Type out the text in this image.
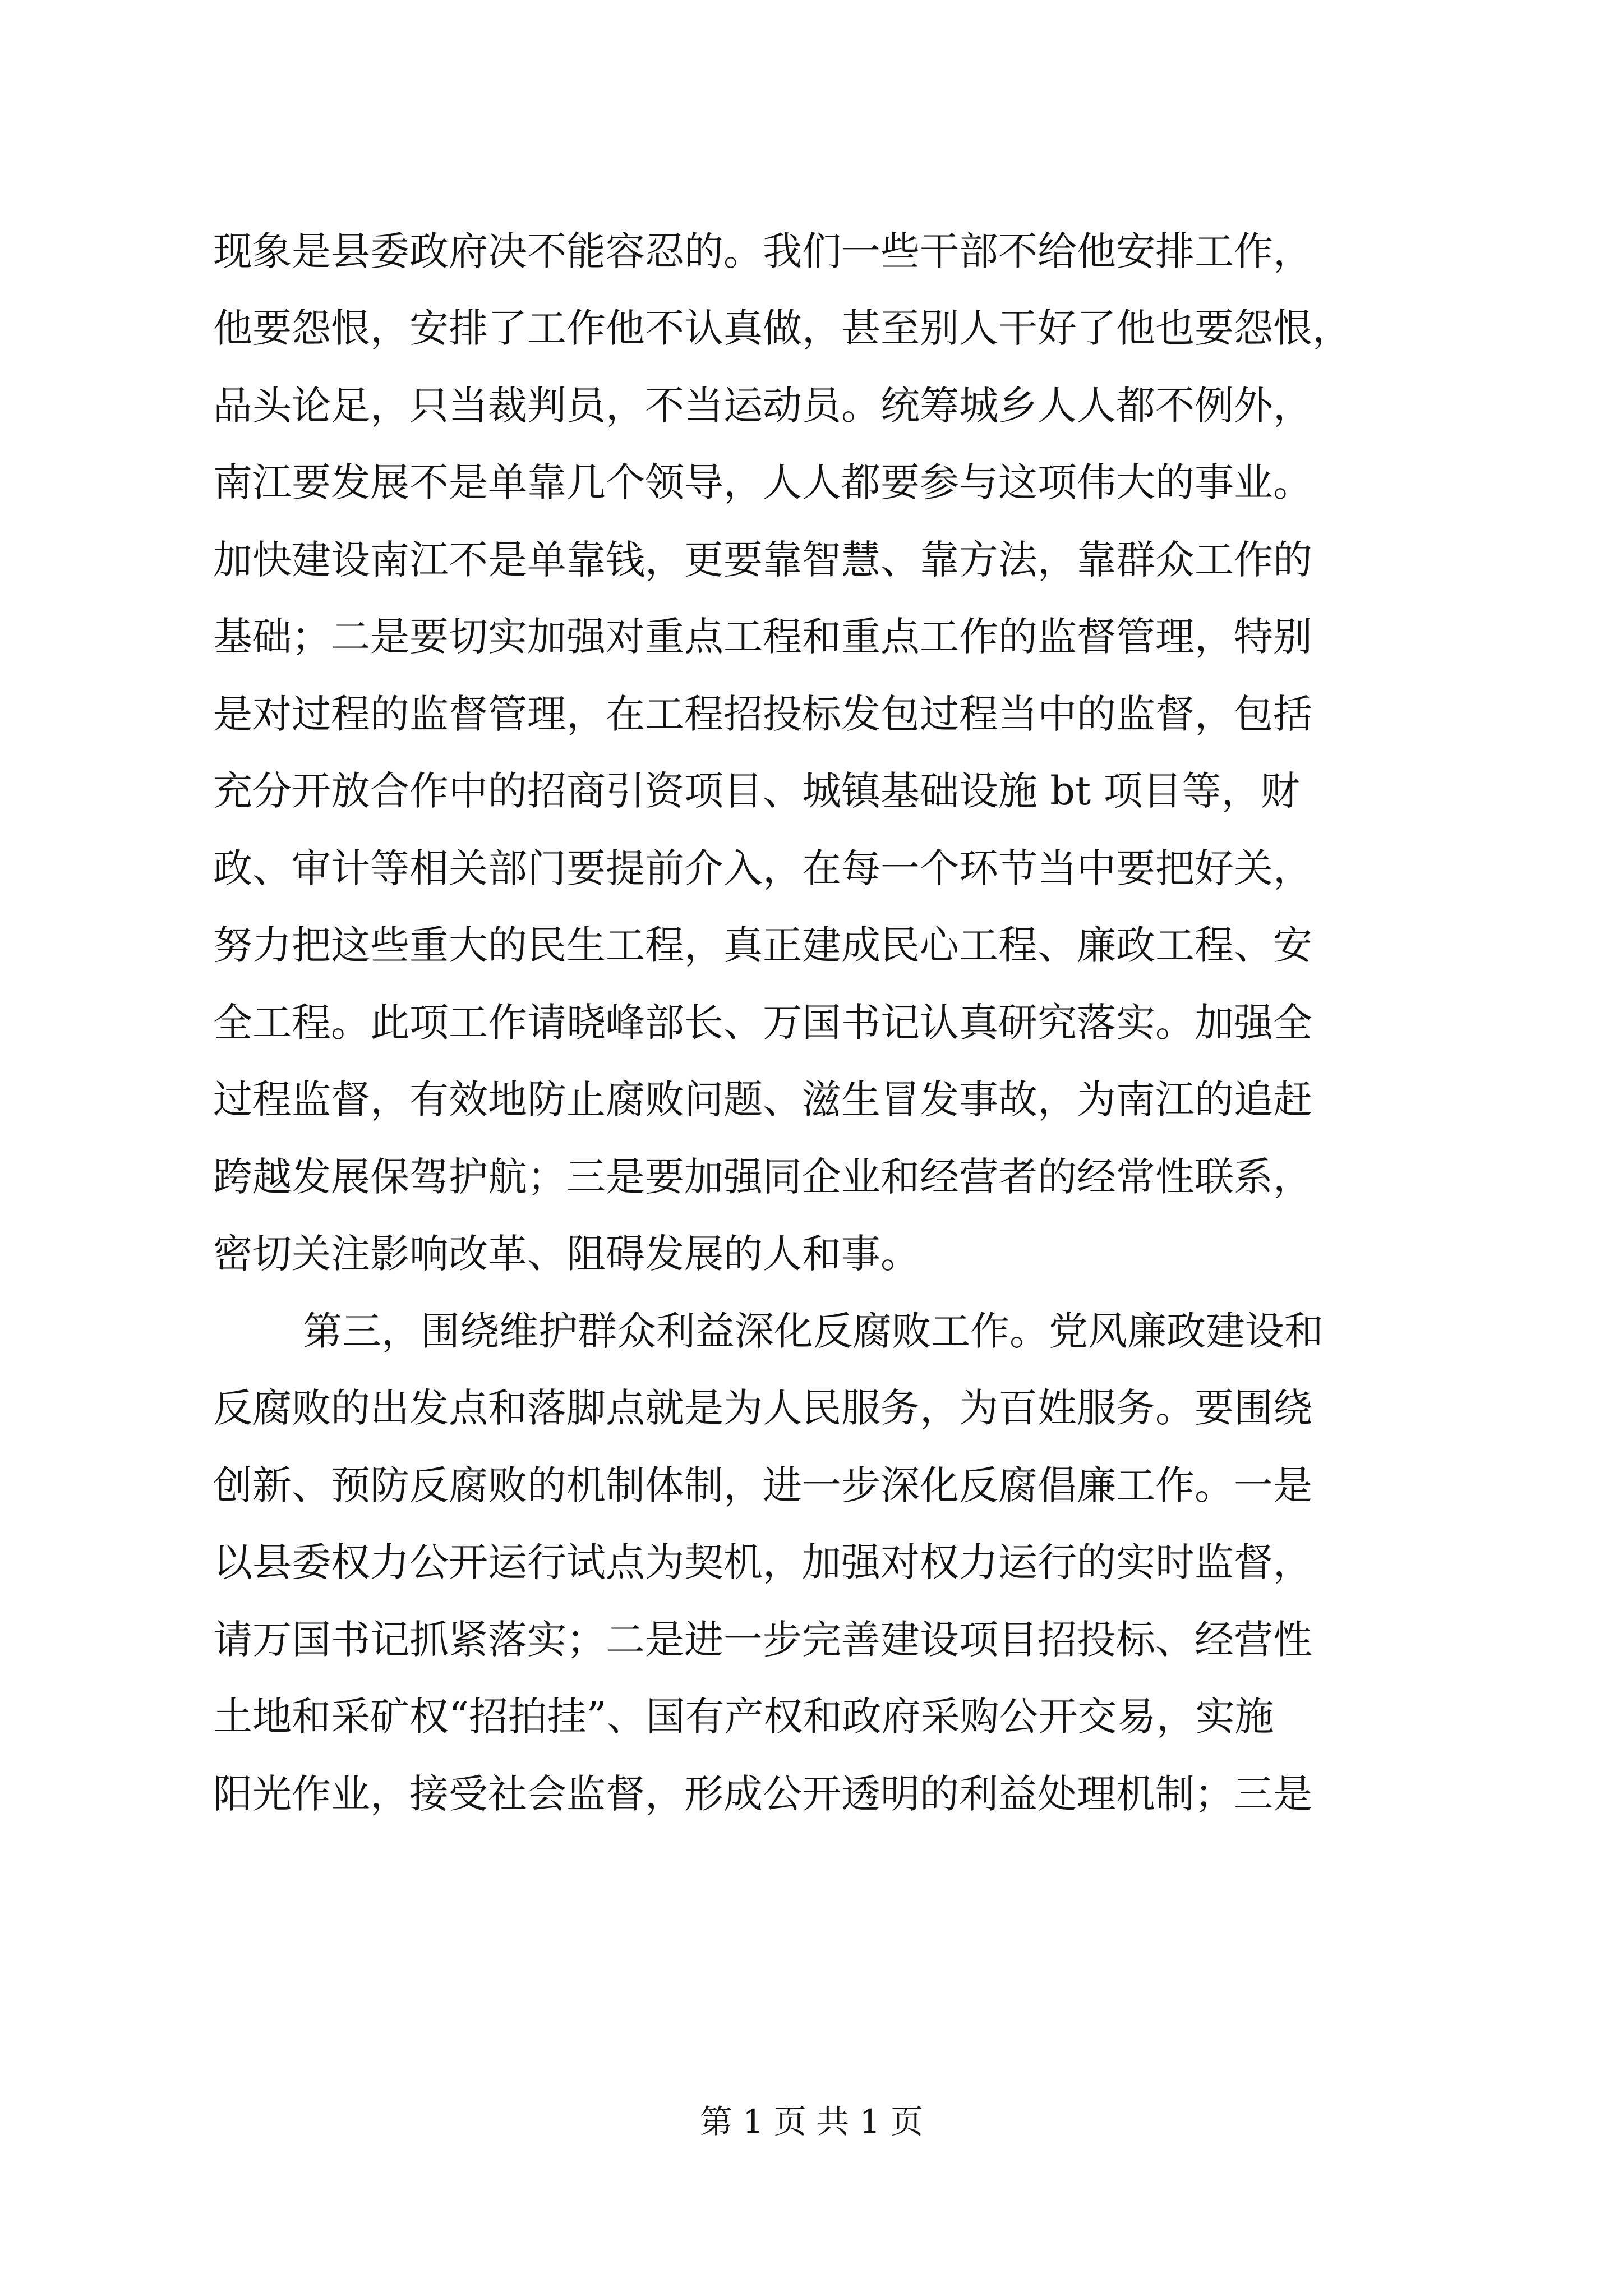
现象是县委政府决不能容忍的。我们一些干部不给他安排工作，
他要怨恨，安排了工作他不认真做，甚至别人干好了他也要怨恨，
品头论足，只当裁判员，不当运动员。统筹城乡人人都不例外，
南江要发展不是单靠几个领导，人人都要参与这项伟大的事业。
加快建设南江不是单靠钱，更要靠智慧、靠方法，靠群众工作的
基础；二是要切实加强对重点工程和重点工作的监督管理，特别
是对过程的监督管理，在工程招投标发包过程当中的监督，包括
充分开放合作中的招商引资项目、城镇基础设施 bt 项目等，财
政、审计等相关部门要提前介入，在每一个环节当中要把好关，
努力把这些重大的民生工程，真正建成民心工程、廉政工程、安
全工程。此项工作请晓峰部长、万国书记认真研究落实。加强全
过程监督，有效地防止腐败问题、滋生冒发事故，为南江的追赶
跨越发展保驾护航；三是要加强同企业和经营者的经常性联系，
密切关注影响改革、阻碍发展的人和事。
第三，围绕维护群众利益深化反腐败工作。党风廉政建设和
反腐败的出发点和落脚点就是为人民服务，为百姓服务。要围绕
创新、预防反腐败的机制体制，进一步深化反腐倡廉工作。一是
以县委权力公开运行试点为契机，加强对权力运行的实时监督，
请万国书记抓紧落实；二是进一步完善建设项目招投标、经营性
土地和采矿权“招拍挂”、国有产权和政府采购公开交易，实施
阳光作业，接受社会监督，形成公开透明的利益处理机制；三是
第 1 页 共 1 页
